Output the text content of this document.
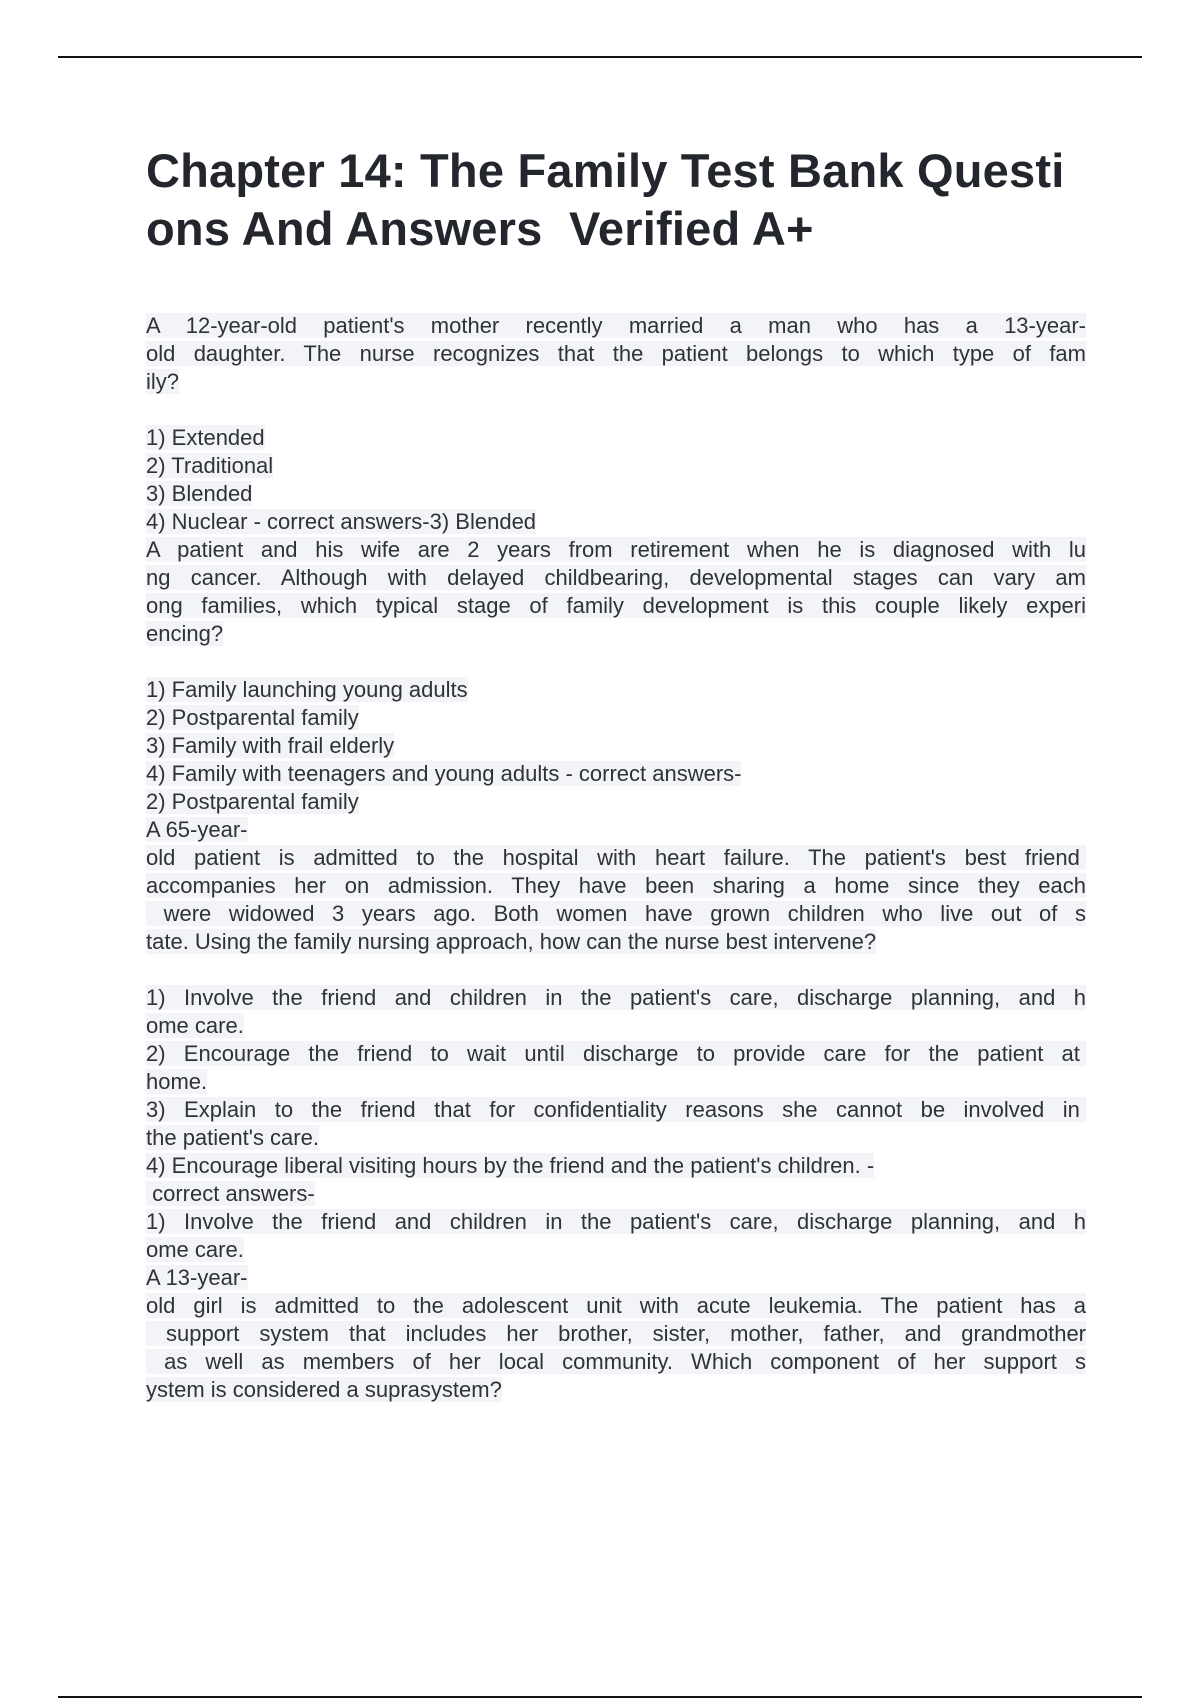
Chapter 14: The Family Test Bank Questi
ons And Answers  Verified A+
A 12-year-old patient's mother recently married a man who has a 13-year-
old daughter. The nurse recognizes that the patient belongs to which type of fam
ily?
1) Extended
2) Traditional
3) Blended
4) Nuclear - correct answers-3) Blended
A patient and his wife are 2 years from retirement when he is diagnosed with lu
ng cancer. Although with delayed childbearing, developmental stages can vary am
ong families, which typical stage of family development is this couple likely experi
encing?
1) Family launching young adults
2) Postparental family
3) Family with frail elderly
4) Family with teenagers and young adults - correct answers-
2) Postparental family
A 65-year-
old patient is admitted to the hospital with heart failure. The patient's best friend
accompanies her on admission. They have been sharing a home since they each
were widowed 3 years ago. Both women have grown children who live out of s
tate. Using the family nursing approach, how can the nurse best intervene?
1) Involve the friend and children in the patient's care, discharge planning, and h
ome care.
2) Encourage the friend to wait until discharge to provide care for the patient at
home.
3) Explain to the friend that for confidentiality reasons she cannot be involved in
the patient's care.
4) Encourage liberal visiting hours by the friend and the patient's children. -
correct answers-
1) Involve the friend and children in the patient's care, discharge planning, and h
ome care.
A 13-year-
old girl is admitted to the adolescent unit with acute leukemia. The patient has a
support system that includes her brother, sister, mother, father, and grandmother
as well as members of her local community. Which component of her support s
ystem is considered a suprasystem?
